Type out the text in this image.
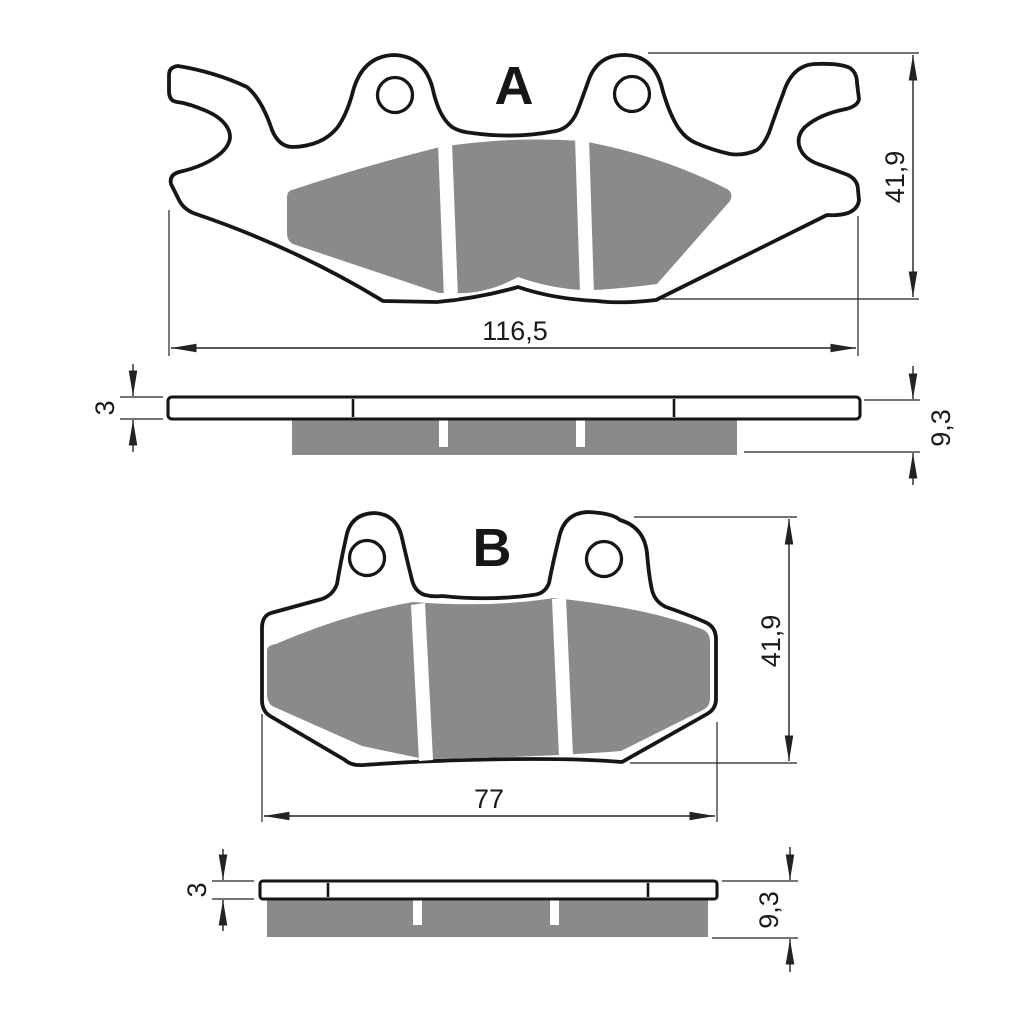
A
41,9
116,5
3
9,3
B
41,9
77
3
9,3
